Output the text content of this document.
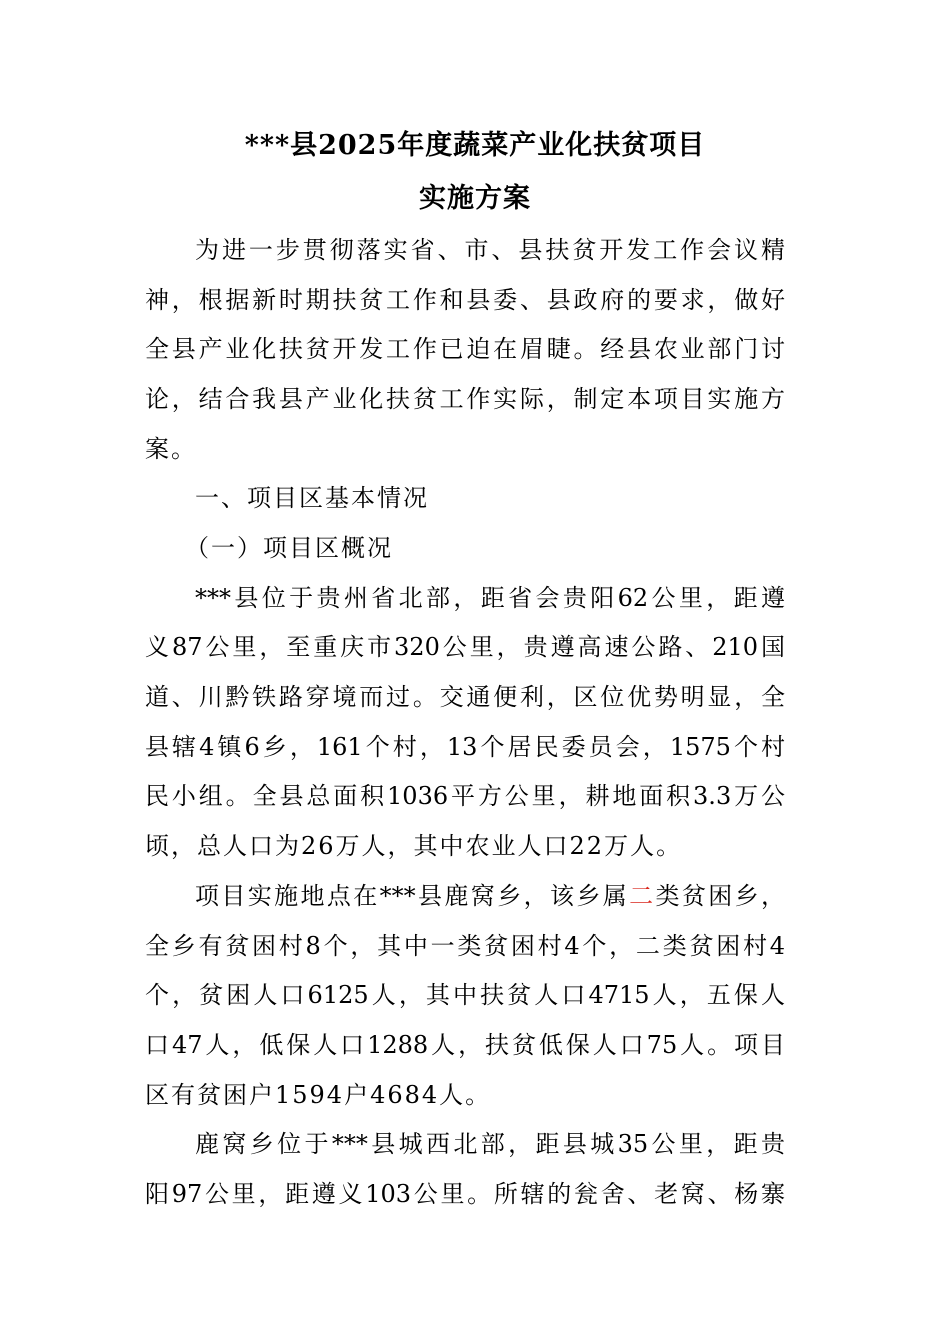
***县2025年度蔬菜产业化扶贫项目
实施方案
为进一步贯彻落实省、市、县扶贫开发工作会议精
神，根据新时期扶贫工作和县委、县政府的要求，做好
全县产业化扶贫开发工作已迫在眉睫。经县农业部门讨
论，结合我县产业化扶贫工作实际，制定本项目实施方
案。
一、项目区基本情况
（一）项目区概况
***县位于贵州省北部，距省会贵阳62公里，距遵
义87公里，至重庆市320公里，贵遵高速公路、210国
道、川黔铁路穿境而过。交通便利，区位优势明显，全
县辖4镇6乡，161个村，13个居民委员会，1575个村
民小组。全县总面积1036平方公里，耕地面积3.3万公
顷，总人口为26万人，其中农业人口22万人。
项目实施地点在***县鹿窝乡，该乡属二类贫困乡，
全乡有贫困村8个，其中一类贫困村4个，二类贫困村4
个，贫困人口6125人，其中扶贫人口4715人，五保人
口47人，低保人口1288人，扶贫低保人口75人。项目
区有贫困户1594户4684人。
鹿窝乡位于***县城西北部，距县城35公里，距贵
阳97公里，距遵义103公里。所辖的瓮舍、老窝、杨寨
